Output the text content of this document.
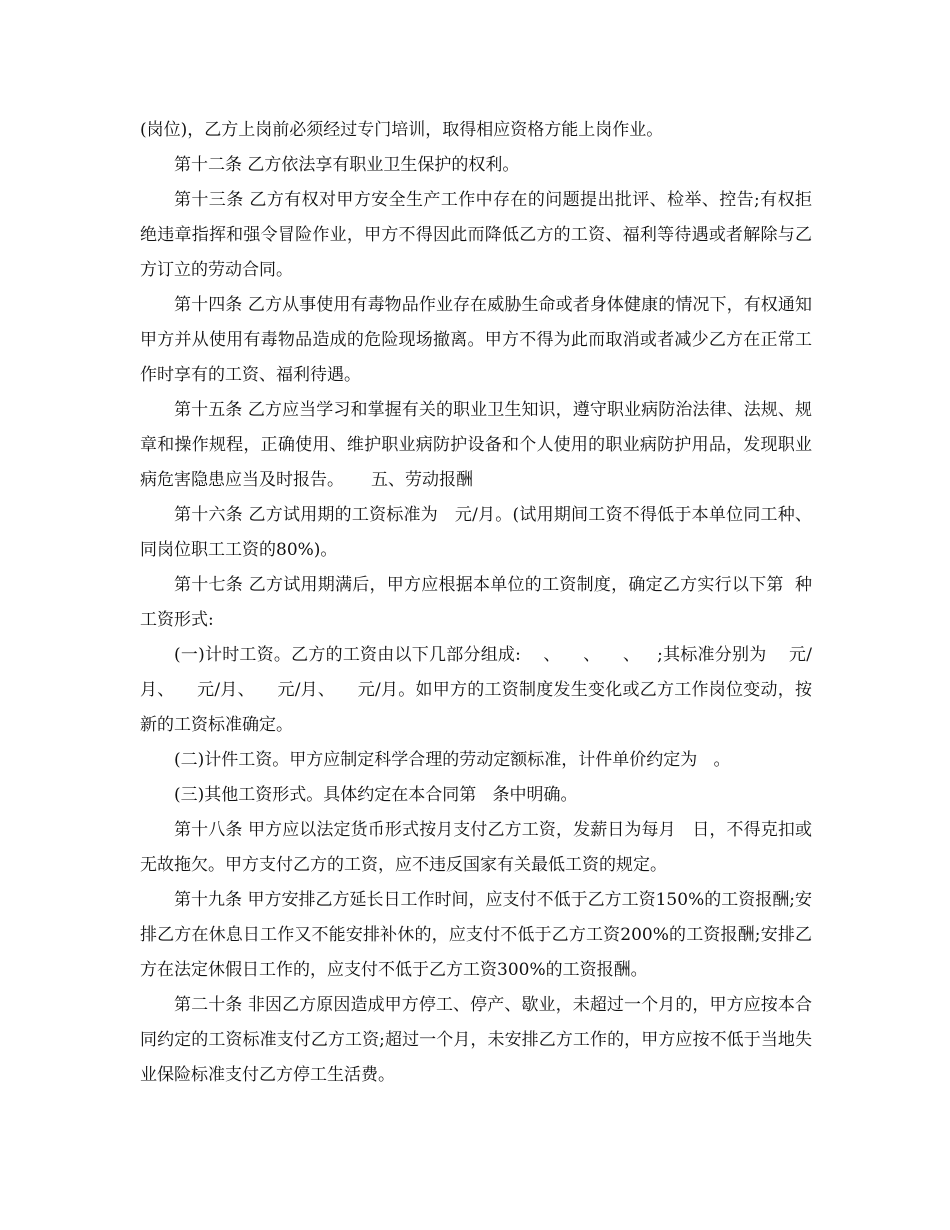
(岗位)，乙方上岗前必须经过专门培训，取得相应资格方能上岗作业。

第十二条 乙方依法享有职业卫生保护的权利。

第十三条 乙方有权对甲方安全生产工作中存在的问题提出批评、检举、控告;有权拒绝违章指挥和强令冒险作业，甲方不得因此而降低乙方的工资、福利等待遇或者解除与乙方订立的劳动合同。

第十四条 乙方从事使用有毒物品作业存在威胁生命或者身体健康的情况下，有权通知甲方并从使用有毒物品造成的危险现场撤离。甲方不得为此而取消或者减少乙方在正常工作时享有的工资、福利待遇。

第十五条 乙方应当学习和掌握有关的职业卫生知识，遵守职业病防治法律、法规、规章和操作规程，正确使用、维护职业病防护设备和个人使用的职业病防护用品，发现职业病危害隐患应当及时报告。     五、劳动报酬

第十六条 乙方试用期的工资标准为   元/月。(试用期间工资不得低于本单位同工种、同岗位职工工资的80%)。

第十七条 乙方试用期满后，甲方应根据本单位的工资制度，确定乙方实行以下第  种工资形式:

(一)计时工资。乙方的工资由以下几部分组成:    、    、    、   ;其标准分别为    元/月、    元/月、    元/月、    元/月。如甲方的工资制度发生变化或乙方工作岗位变动，按新的工资标准确定。

(二)计件工资。甲方应制定科学合理的劳动定额标准，计件单价约定为   。

(三)其他工资形式。具体约定在本合同第   条中明确。

第十八条 甲方应以法定货币形式按月支付乙方工资，发薪日为每月   日，不得克扣或无故拖欠。甲方支付乙方的工资，应不违反国家有关最低工资的规定。

第十九条 甲方安排乙方延长日工作时间，应支付不低于乙方工资150%的工资报酬;安排乙方在休息日工作又不能安排补休的，应支付不低于乙方工资200%的工资报酬;安排乙方在法定休假日工作的，应支付不低于乙方工资300%的工资报酬。

第二十条 非因乙方原因造成甲方停工、停产、歇业，未超过一个月的，甲方应按本合同约定的工资标准支付乙方工资;超过一个月，未安排乙方工作的，甲方应按不低于当地失业保险标准支付乙方停工生活费。
